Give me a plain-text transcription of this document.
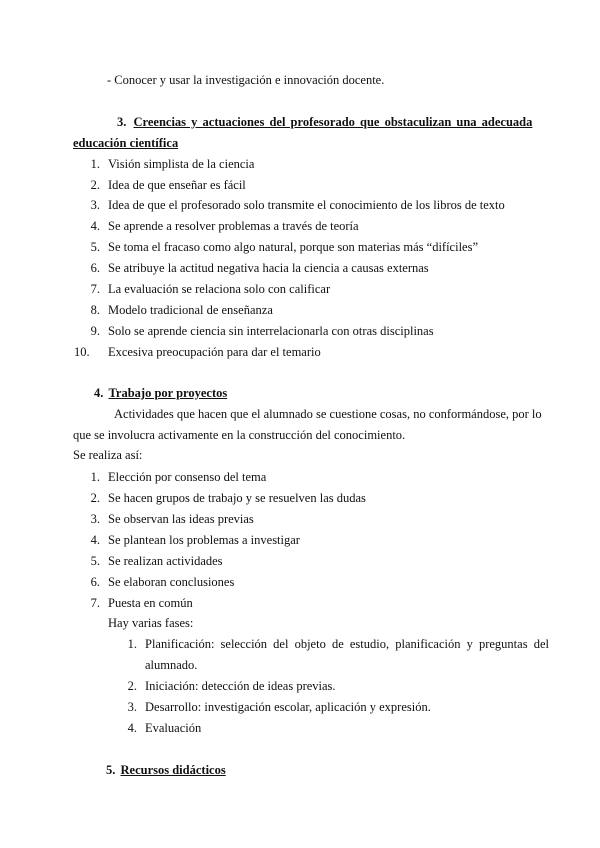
- Conocer y usar la investigación e innovación docente.
3. Creencias y actuaciones del profesorado que obstaculizan una adecuada
educación científica
1. Visión simplista de la ciencia
2. Idea de que enseñar es fácil
3. Idea de que el profesorado solo transmite el conocimiento de los libros de texto
4. Se aprende a resolver problemas a través de teoría
5. Se toma el fracaso como algo natural, porque son materias más “difíciles”
6. Se atribuye la actitud negativa hacia la ciencia a causas externas
7. La evaluación se relaciona solo con calificar
8. Modelo tradicional de enseñanza
9. Solo se aprende ciencia sin interrelacionarla con otras disciplinas
10.	Excesiva preocupación para dar el temario
4. Trabajo por proyectos
Actividades que hacen que el alumnado se cuestione cosas, no conformándose, por lo
que se involucra activamente en la construcción del conocimiento.
Se realiza así:
1. Elección por consenso del tema
2. Se hacen grupos de trabajo y se resuelven las dudas
3. Se observan las ideas previas
4. Se plantean los problemas a investigar
5. Se realizan actividades
6. Se elaboran conclusiones
7. Puesta en común
Hay varias fases:
1. Planificación: selección del objeto de estudio, planificación y preguntas del
alumnado.
2. Iniciación: detección de ideas previas.
3. Desarrollo: investigación escolar, aplicación y expresión.
4. Evaluación
5. Recursos didácticos
